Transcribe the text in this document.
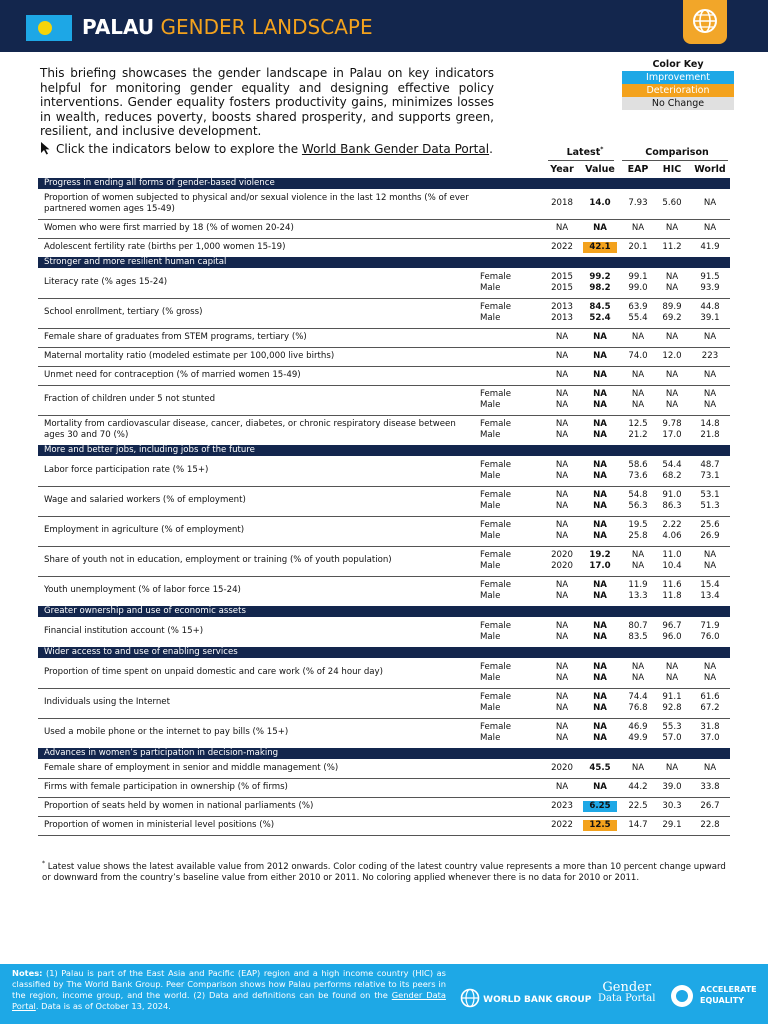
PALAU GENDER LANDSCAPE
This briefing showcases the gender landscape in Palau on key indicators helpful for monitoring gender equality and designing effective policy interventions. Gender equality fosters productivity gains, minimizes losses in wealth, reduces poverty, boosts shared prosperity, and supports green, resilient, and inclusive development.
Color Key
Improvement
Deterioration
No Change
Click the indicators below to explore the World Bank Gender Data Portal.	Latest*	Comparison
Year	Value	EAP	HIC	World
Progress in ending all forms of gender-based violence
Proportion of women subjected to physical and/or sexual violence in the last 12 months (% of ever partnered women ages 15-49)
2018	14.0	7.93	5.60	NA
Women who were first married by 18 (% of women 20-24)	NA	NA	NA	NA	NA
Adolescent fertility rate (births per 1,000 women 15-19)	2022	42.1	20.1	11.2	41.9
Stronger and more resilient human capital
Literacy rate (% ages 15-24)
Female	2015	99.2	99.1	NA	91.5
Male	2015	98.2	99.0	NA	93.9
School enrollment, tertiary (% gross)
Female	2013	84.5	63.9	89.9	44.8
Male	2013	52.4	55.4	69.2	39.1
Female share of graduates from STEM programs, tertiary (%)	NA	NA	NA	NA	NA
Maternal mortality ratio (modeled estimate per 100,000 live births)	NA	NA	74.0	12.0	223
Unmet need for contraception (% of married women 15-49)	NA	NA	NA	NA	NA
Fraction of children under 5 not stunted
Female	NA	NA	NA	NA	NA
Male	NA	NA	NA	NA	NA
Mortality from cardiovascular disease, cancer, diabetes, or chronic respiratory disease between ages 30 and 70 (%)
Female	NA	NA	12.5	9.78	14.8
Male	NA	NA	21.2	17.0	21.8
More and better jobs, including jobs of the future
Labor force participation rate (% 15+)
Female	NA	NA	58.6	54.4	48.7
Male	NA	NA	73.6	68.2	73.1
Wage and salaried workers (% of employment)
Female	NA	NA	54.8	91.0	53.1
Male	NA	NA	56.3	86.3	51.3
Employment in agriculture (% of employment)
Female	NA	NA	19.5	2.22	25.6
Male	NA	NA	25.8	4.06	26.9
Share of youth not in education, employment or training (% of youth population)
Female	2020	19.2	NA	11.0	NA
Male	2020	17.0	NA	10.4	NA
Youth unemployment (% of labor force 15-24)
Female	NA	NA	11.9	11.6	15.4
Male	NA	NA	13.3	11.8	13.4
Greater ownership and use of economic assets
Financial institution account (% 15+)
Female	NA	NA	80.7	96.7	71.9
Male	NA	NA	83.5	96.0	76.0
Wider access to and use of enabling services
Proportion of time spent on unpaid domestic and care work (% of 24 hour day)
Female	NA	NA	NA	NA	NA
Male	NA	NA	NA	NA	NA
Individuals using the Internet
Female	NA	NA	74.4	91.1	61.6
Male	NA	NA	76.8	92.8	67.2
Used a mobile phone or the internet to pay bills (% 15+)
Female	NA	NA	46.9	55.3	31.8
Male	NA	NA	49.9	57.0	37.0
Advances in women’s participation in decision-making
Female share of employment in senior and middle management (%)	2020	45.5	NA	NA	NA
Firms with female participation in ownership (% of firms)	NA	NA	44.2	39.0	33.8
Proportion of seats held by women in national parliaments (%)	2023	6.25	22.5	30.3	26.7
Proportion of women in ministerial level positions (%)	2022	12.5	14.7	29.1	22.8
* Latest value shows the latest available value from 2012 onwards. Color coding of the latest country value represents a more than 10 percent change upward or downward from the country’s baseline value from either 2010 or 2011. No coloring applied whenever there is no data for 2010 or 2011.
Notes: (1) Palau is part of the East Asia and Pacific (EAP) region and a high income country (HIC) as classified by The World Bank Group. Peer Comparison shows how Palau performs relative to its peers in the region, income group, and the world. (2) Data and definitions can be found on the Gender Data Portal. Data is as of October 13, 2024.
WORLD BANK GROUP
Gender
Data Portal
ACCELERATE
EQUALITY
